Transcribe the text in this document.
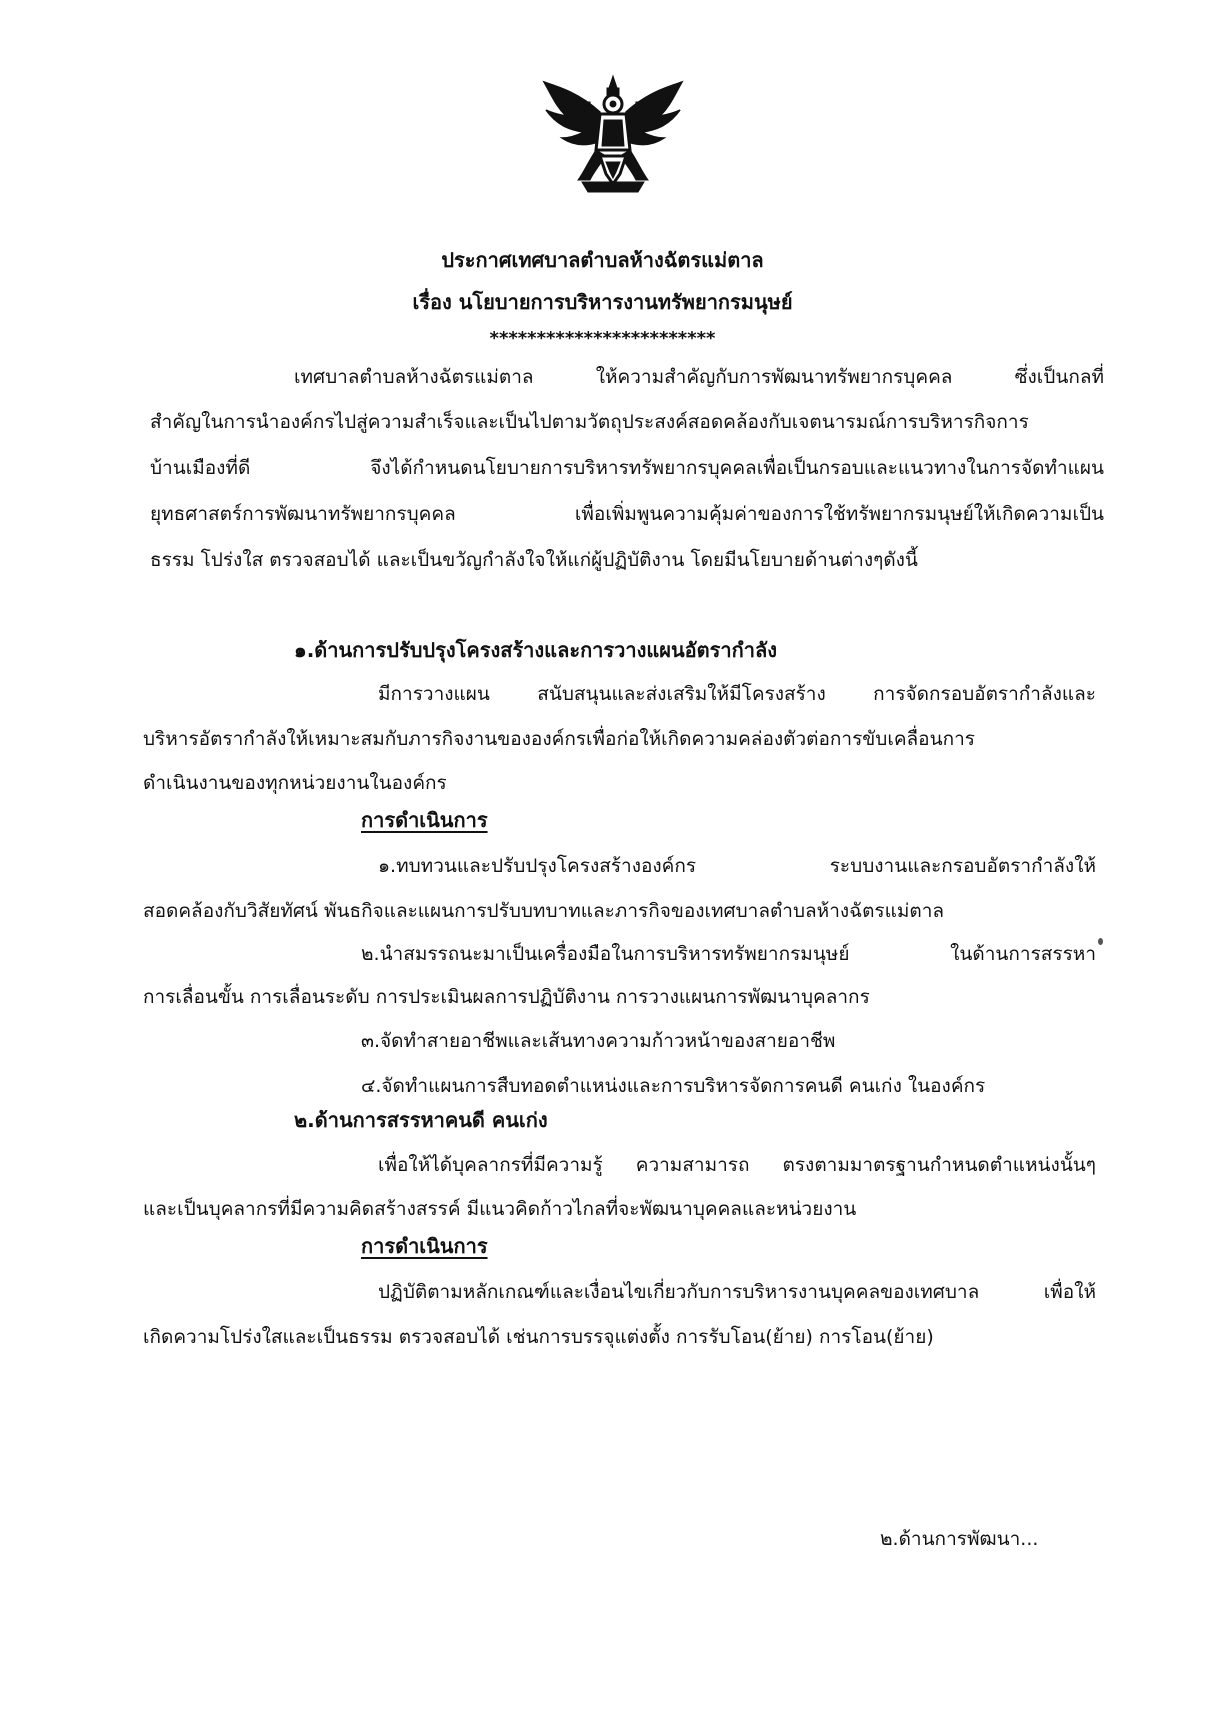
ประกาศเทศบาลตำบลห้างฉัตรแม่ตาล
เรื่อง นโยบายการบริหารงานทรัพยากรมนุษย์
************************
เทศบาลตำบลห้างฉัตรแม่ตาล ให้ความสำคัญกับการพัฒนาทรัพยากรบุคคล ซึ่งเป็นกลที่
สำคัญในการนำองค์กรไปสู่ความสำเร็จและเป็นไปตามวัตถุประสงค์สอดคล้องกับเจตนารมณ์การบริหารกิจการ
บ้านเมืองที่ดี จึงได้กำหนดนโยบายการบริหารทรัพยากรบุคคลเพื่อเป็นกรอบและแนวทางในการจัดทำแผน
ยุทธศาสตร์การพัฒนาทรัพยากรบุคคล เพื่อเพิ่มพูนความคุ้มค่าของการใช้ทรัพยากรมนุษย์ให้เกิดความเป็น
ธรรม โปร่งใส ตรวจสอบได้ และเป็นขวัญกำลังใจให้แก่ผู้ปฏิบัติงาน โดยมีนโยบายด้านต่างๆดังนี้
๑.ด้านการปรับปรุงโครงสร้างและการวางแผนอัตรากำลัง
มีการวางแผน สนับสนุนและส่งเสริมให้มีโครงสร้าง การจัดกรอบอัตรากำลังและ
บริหารอัตรากำลังให้เหมาะสมกับภารกิจงานขององค์กรเพื่อก่อให้เกิดความคล่องตัวต่อการขับเคลื่อนการ
ดำเนินงานของทุกหน่วยงานในองค์กร
การดำเนินการ
๑.ทบทวนและปรับปรุงโครงสร้างองค์กร ระบบงานและกรอบอัตรากำลังให้
สอดคล้องกับวิสัยทัศน์ พันธกิจและแผนการปรับบทบาทและภารกิจของเทศบาลตำบลห้างฉัตรแม่ตาล
๒.นำสมรรถนะมาเป็นเครื่องมือในการบริหารทรัพยากรมนุษย์ ในด้านการสรรหา
การเลื่อนขั้น การเลื่อนระดับ การประเมินผลการปฏิบัติงาน การวางแผนการพัฒนาบุคลากร
๓.จัดทำสายอาชีพและเส้นทางความก้าวหน้าของสายอาชีพ
๔.จัดทำแผนการสืบทอดตำแหน่งและการบริหารจัดการคนดี คนเก่ง ในองค์กร
๒.ด้านการสรรหาคนดี คนเก่ง
เพื่อให้ได้บุคลากรที่มีความรู้ ความสามารถ ตรงตามมาตรฐานกำหนดตำแหน่งนั้นๆ
และเป็นบุคลากรที่มีความคิดสร้างสรรค์ มีแนวคิดก้าวไกลที่จะพัฒนาบุคคลและหน่วยงาน
การดำเนินการ
ปฏิบัติตามหลักเกณฑ์และเงื่อนไขเกี่ยวกับการบริหารงานบุคคลของเทศบาล เพื่อให้
เกิดความโปร่งใสและเป็นธรรม ตรวจสอบได้ เช่นการบรรจุแต่งตั้ง การรับโอน(ย้าย) การโอน(ย้าย)
๒.ด้านการพัฒนา...
